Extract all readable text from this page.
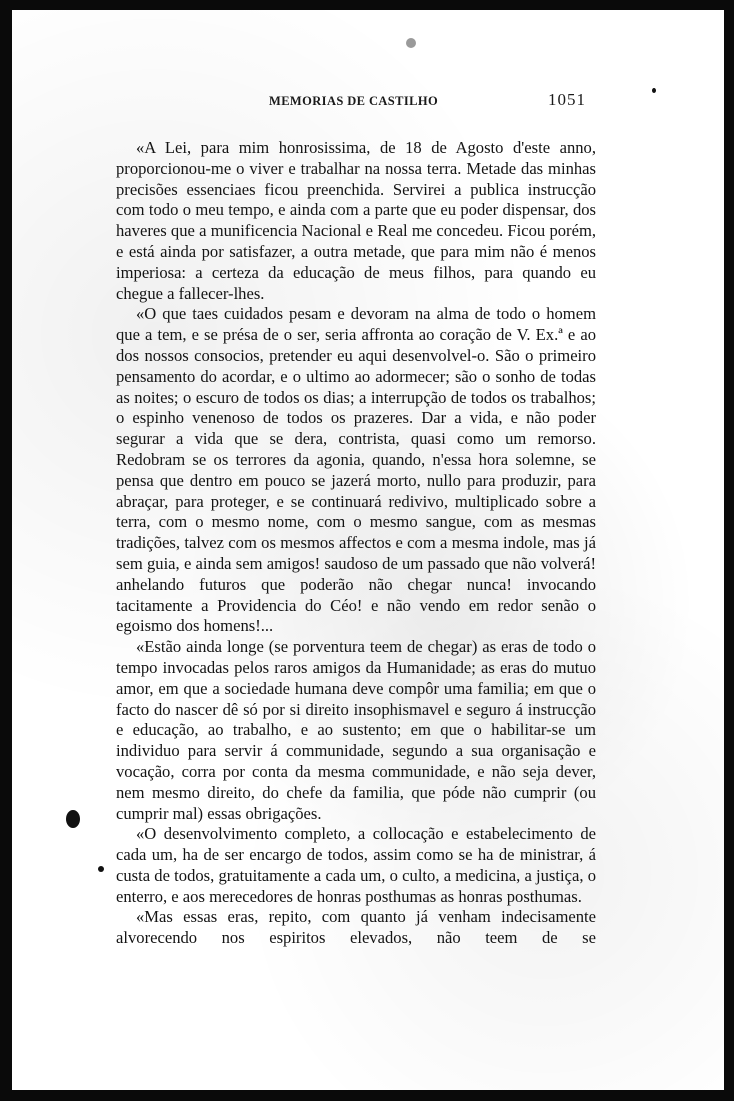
MEMORIAS DE CASTILHO	1051

«A Lei, para mim honrosissima, de 18 de Agosto d'este anno, proporcionou-me o viver e trabalhar na nossa terra. Metade das minhas precisões essenciaes ficou preenchida. Servirei a publica instrucção com todo o meu tempo, e ainda com a parte que eu poder dispensar, dos haveres que a munificencia Nacional e Real me concedeu. Ficou porém, e está ainda por satisfazer, a outra metade, que para mim não é menos imperiosa: a certeza da educação de meus filhos, para quando eu chegue a fallecer-lhes.

«O que taes cuidados pesam e devoram na alma de todo o homem que a tem, e se présa de o ser, seria affronta ao coração de V. Ex.ª e ao dos nossos consocios, pretender eu aqui desenvolvel-o. São o primeiro pensamento do acordar, e o ultimo ao adormecer; são o sonho de todas as noites; o escuro de todos os dias; a interrupção de todos os trabalhos; o espinho venenoso de todos os prazeres. Dar a vida, e não poder segurar a vida que se dera, contrista, quasi como um remorso. Redobram se os terrores da agonia, quando, n'essa hora solemne, se pensa que dentro em pouco se jazerá morto, nullo para produzir, para abraçar, para proteger, e se continuará redivivo, multiplicado sobre a terra, com o mesmo nome, com o mesmo sangue, com as mesmas tradições, talvez com os mesmos affectos e com a mesma indole, mas já sem guia, e ainda sem amigos! saudoso de um passado que não volverá! anhelando futuros que poderão não chegar nunca! invocando tacitamente a Providencia do Céo! e não vendo em redor senão o egoismo dos homens!...

«Estão ainda longe (se porventura teem de chegar) as eras de todo o tempo invocadas pelos raros amigos da Humanidade; as eras do mutuo amor, em que a sociedade humana deve compôr uma familia; em que o facto do nascer dê só por si direito insophismavel e seguro á instrucção e educação, ao trabalho, e ao sustento; em que o habilitar-se um individuo para servir á communidade, segundo a sua organisação e vocação, corra por conta da mesma communidade, e não seja dever, nem mesmo direito, do chefe da familia, que póde não cumprir (ou cumprir mal) essas obrigações.

«O desenvolvimento completo, a collocação e estabelecimento de cada um, ha de ser encargo de todos, assim como se ha de ministrar, á custa de todos, gratuitamente a cada um, o culto, a medicina, a justiça, o enterro, e aos merecedores de honras posthumas as honras posthumas.

«Mas essas eras, repito, com quanto já venham indecisamente alvorecendo nos espiritos elevados, não teem de se
